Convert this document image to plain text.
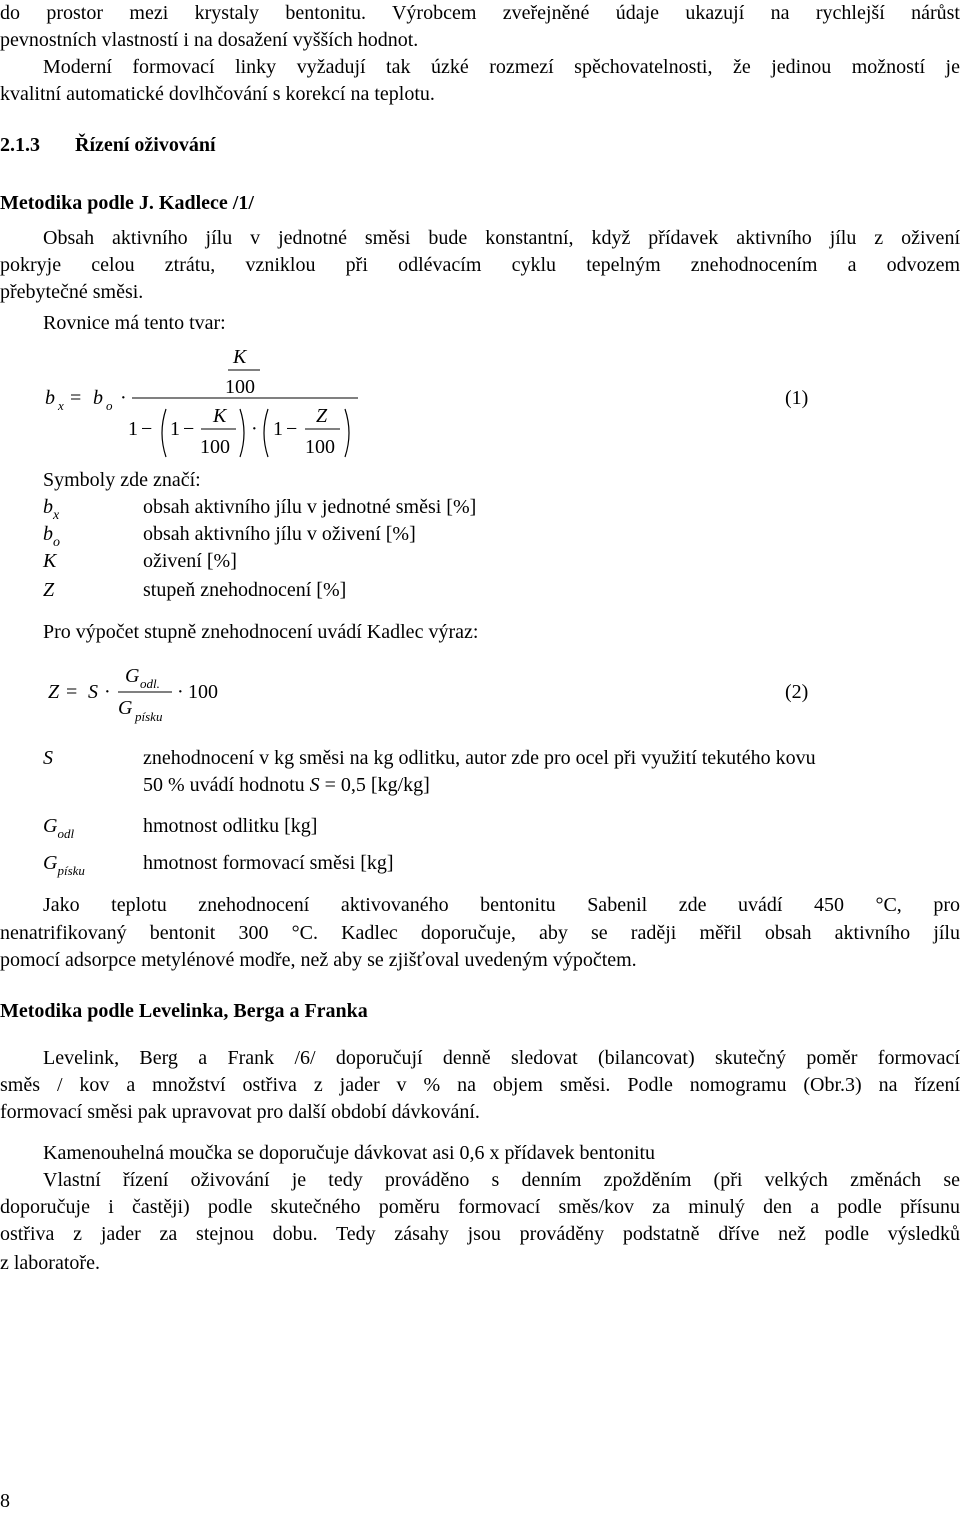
do prostor mezi krystaly bentonitu. Výrobcem zveřejněné údaje ukazují na rychlejší nárůst
pevnostních vlastností i na dosažení vyšších hodnot.
Moderní formovací linky vyžadují tak úzké rozmezí spěchovatelnosti, že jedinou možností je
kvalitní automatické dovlhčování s korekcí na teplotu.
2.1.3 Řízení oživování
Metodika podle J. Kadlece /1/
Obsah aktivního jílu v jednotné směsi bude konstantní, když přídavek aktivního jílu z oživení
pokryje celou ztrátu, vzniklou při odlévacím cyklu tepelným znehodnocením a odvozem
přebytečné směsi.
Rovnice má tento tvar:
K
100
b x = b o ·
1 − 1 −
K
100
· 1 −
Z
100
(1)
Symboly zde značí:
$b_x$	obsah aktivního jílu v jednotné směsi [%]
$b_o$	obsah aktivního jílu v oživení [%]
K	oživení [%]
Z	stupeň znehodnocení [%]
Pro výpočet stupně znehodnocení uvádí Kadlec výraz:
Z = S ·
G odl.
G písku
· 100	(2)
S	znehodnocení v kg směsi na kg odlitku, autor zde pro ocel při využití tekutého kovu
50 % uvádí hodnotu S = 0,5 [kg/kg]
$G_{odl}$	hmotnost odlitku [kg]
$G_{písku}$	hmotnost formovací směsi [kg]
Jako teplotu znehodnocení aktivovaného bentonitu Sabenil zde uvádí 450 °C, pro
nenatrifikovaný bentonit 300 °C. Kadlec doporučuje, aby se raději měřil obsah aktivního jílu
pomocí adsorpce metylénové modře, než aby se zjišťoval uvedeným výpočtem.
Metodika podle Levelinka, Berga a Franka
Levelink, Berg a Frank /6/ doporučují denně sledovat (bilancovat) skutečný poměr formovací
směs / kov a množství ostřiva z jader v % na objem směsi. Podle nomogramu (Obr.3) na řízení
formovací směsi pak upravovat pro další období dávkování.
Kamenouhelná moučka se doporučuje dávkovat asi 0,6 x přídavek bentonitu
Vlastní řízení oživování je tedy prováděno s denním zpožděním (při velkých změnách se
doporučuje i častěji) podle skutečného poměru formovací směs/kov za minulý den a podle přísunu
ostřiva z jader za stejnou dobu. Tedy zásahy jsou prováděny podstatně dříve než podle výsledků
z laboratoře.
8
